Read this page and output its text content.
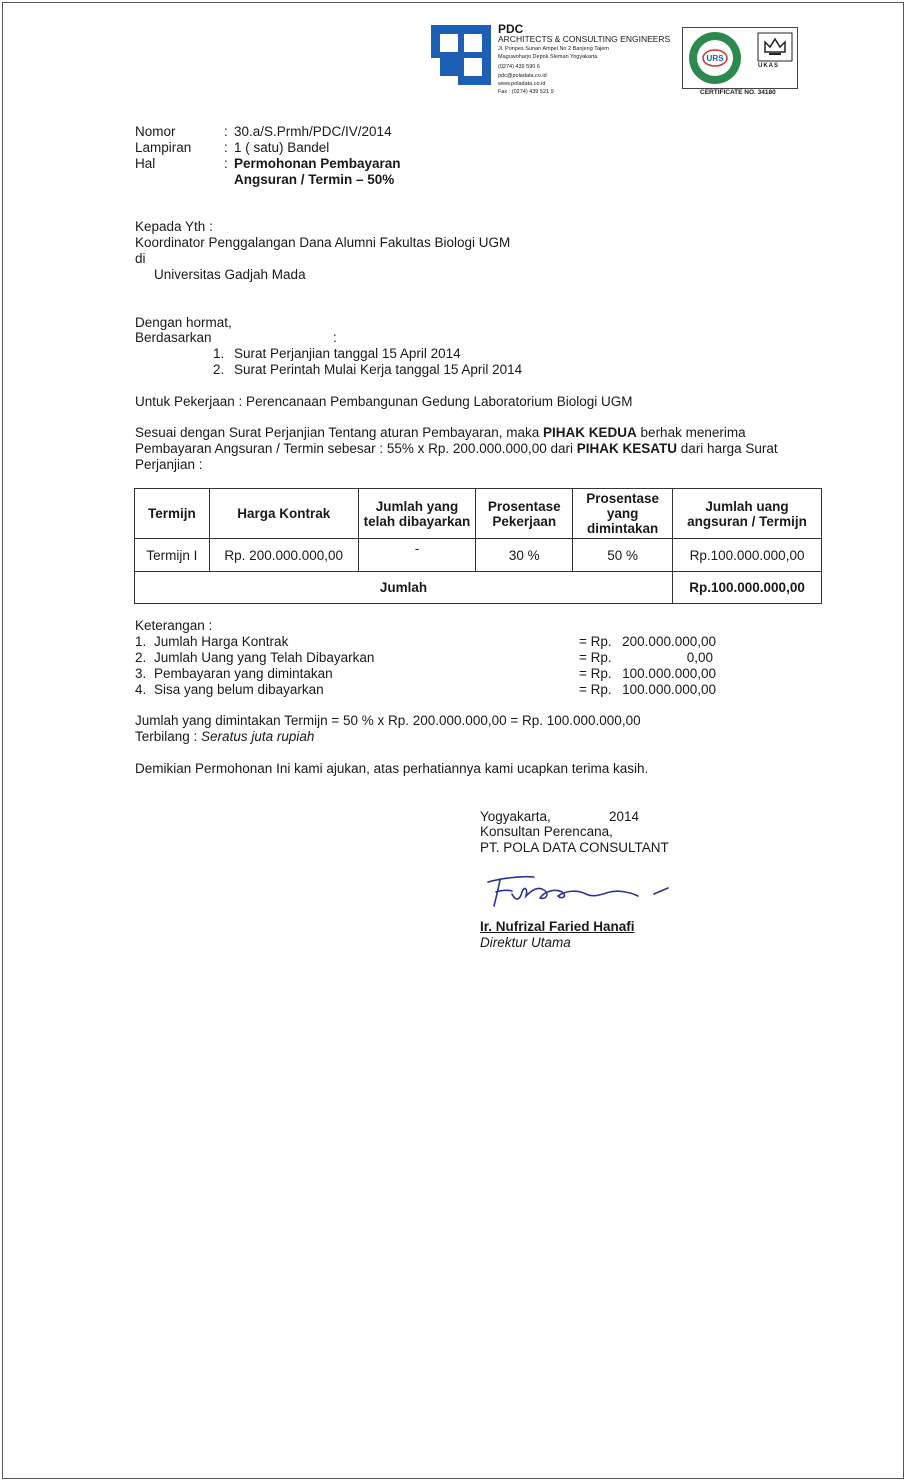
PDC
ARCHITECTS & CONSULTING ENGINEERS
Jl. Ponpes Sunan Ampel No 2 Banjeng Tajem
Maguwoharjo Depok Sleman Yogyakarta
(0274) 439 590 6
pdc@poladata.co.id
www.poladata.co.id
Fax : (0274) 439 521 9
URS
UKAS
CERTIFICATE NO. 34180
Nomor	: 30.a/S.Prmh/PDC/IV/2014
Lampiran : 1 ( satu) Bandel
Hal	: Permohonan Pembayaran
Angsuran / Termin – 50%
Kepada Yth :
Koordinator Penggalangan Dana Alumni Fakultas Biologi UGM
di
Universitas Gadjah Mada
Dengan hormat,
Berdasarkan	:
1. Surat Perjanjian tanggal 15 April 2014
2. Surat Perintah Mulai Kerja tanggal 15 April 2014
Untuk Pekerjaan : Perencanaan Pembangunan Gedung Laboratorium Biologi UGM
Sesuai dengan Surat Perjanjian Tentang aturan Pembayaran, maka PIHAK KEDUA berhak menerima
Pembayaran Angsuran / Termin sebesar : 55% x Rp. 200.000.000,00 dari PIHAK KESATU dari harga Surat
Perjanjian :
Termijn	Harga Kontrak	Jumlah yang telah dibayarkan	Prosentase Pekerjaan	Prosentase yang dimintakan	Jumlah uang angsuran / Termijn
Termijn I	Rp. 200.000.000,00	-	30 %	50 %	Rp.100.000.000,00
Jumlah					Rp.100.000.000,00
Keterangan :
1. Jumlah Harga Kontrak	= Rp. 200.000.000,00
2. Jumlah Uang yang Telah Dibayarkan	= Rp.	0,00
3. Pembayaran yang dimintakan	= Rp. 100.000.000,00
4. Sisa yang belum dibayarkan	= Rp. 100.000.000,00
Jumlah yang dimintakan Termijn = 50 % x Rp. 200.000.000,00 = Rp. 100.000.000,00
Terbilang : Seratus juta rupiah
Demikian Permohonan Ini kami ajukan, atas perhatiannya kami ucapkan terima kasih.
Yogyakarta,	2014
Konsultan Perencana,
PT. POLA DATA CONSULTANT
Ir. Nufrizal Faried Hanafi
Direktur Utama
